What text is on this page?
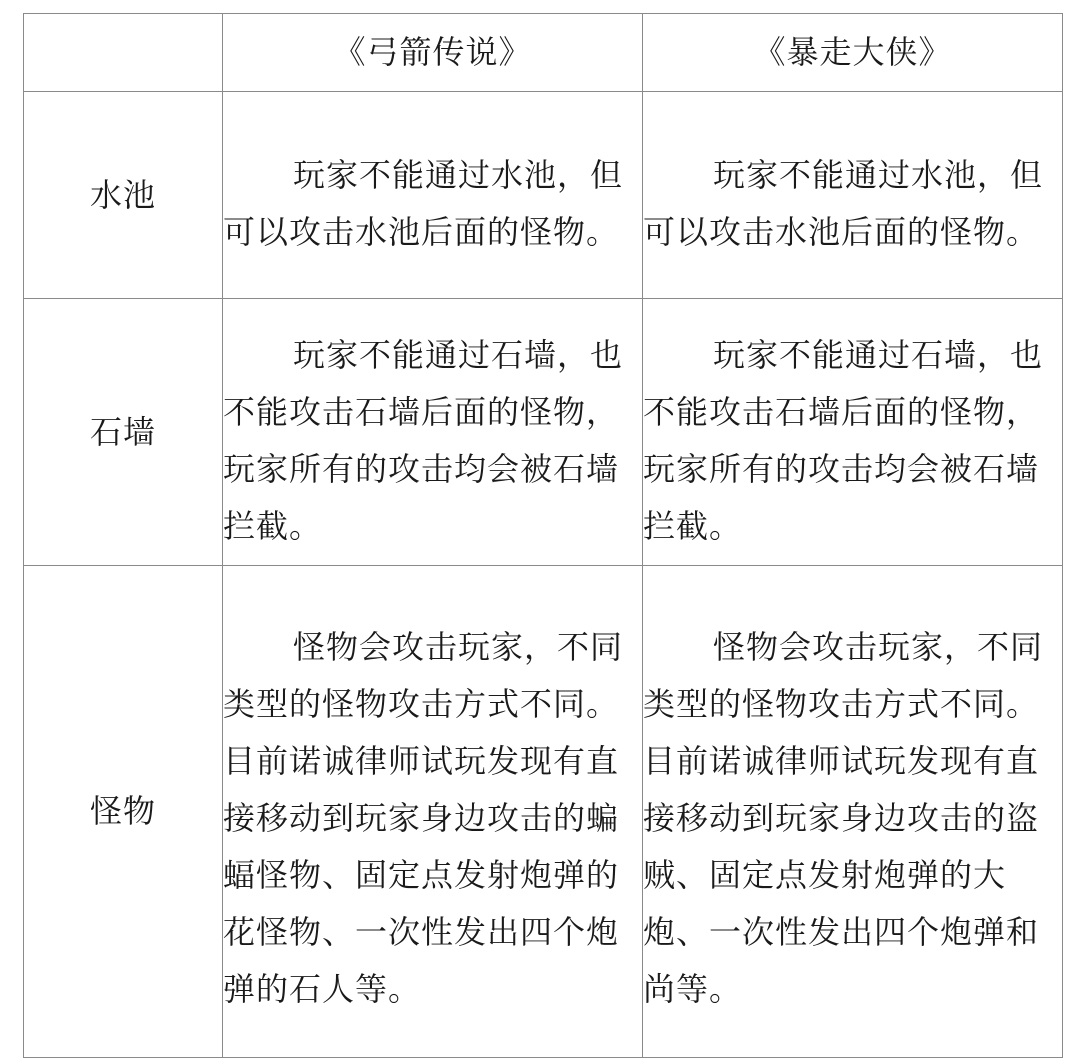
	《弓箭传说》	《暴走大侠》
水池	玩家不能通过水池，但可以攻击水池后面的怪物。	玩家不能通过水池，但可以攻击水池后面的怪物。
石墙	玩家不能通过石墙，也不能攻击石墙后面的怪物，玩家所有的攻击均会被石墙拦截。	玩家不能通过石墙，也不能攻击石墙后面的怪物，玩家所有的攻击均会被石墙拦截。
怪物	怪物会攻击玩家，不同类型的怪物攻击方式不同。目前诺诚律师试玩发现有直接移动到玩家身边攻击的蝙蝠怪物、固定点发射炮弹的花怪物、一次性发出四个炮弹的石人等。	怪物会攻击玩家，不同类型的怪物攻击方式不同。目前诺诚律师试玩发现有直接移动到玩家身边攻击的盗贼、固定点发射炮弹的大炮、一次性发出四个炮弹和尚等。
